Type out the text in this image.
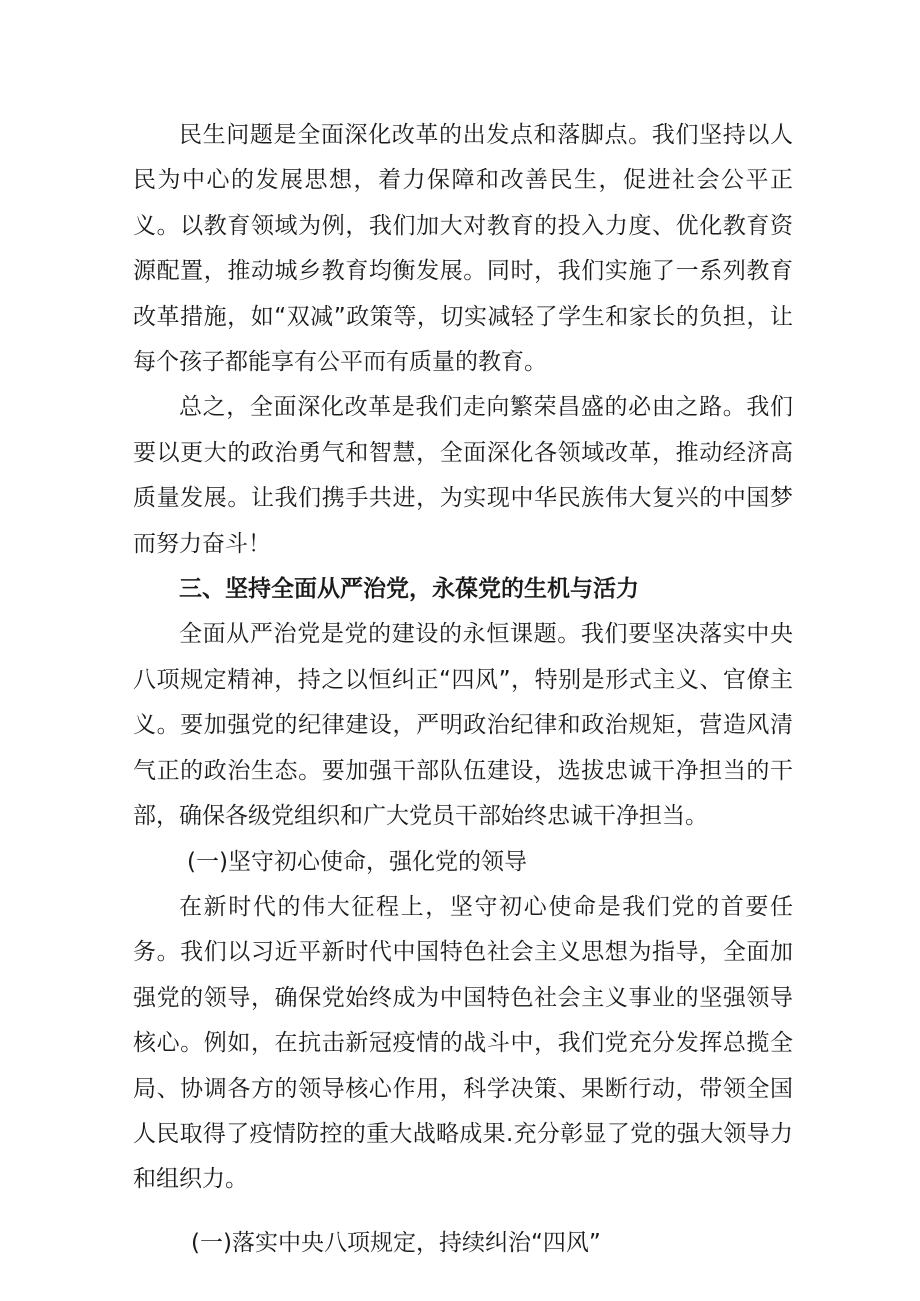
民生问题是全面深化改革的出发点和落脚点。我们坚持以人民为中心的发展思想，着力保障和改善民生，促进社会公平正义。以教育领域为例，我们加大对教育的投入力度、优化教育资源配置，推动城乡教育均衡发展。同时，我们实施了一系列教育改革措施，如“双减”政策等，切实减轻了学生和家长的负担，让每个孩子都能享有公平而有质量的教育。

总之，全面深化改革是我们走向繁荣昌盛的必由之路。我们要以更大的政治勇气和智慧，全面深化各领域改革，推动经济高质量发展。让我们携手共进，为实现中华民族伟大复兴的中国梦而努力奋斗！

三、坚持全面从严治党，永葆党的生机与活力

全面从严治党是党的建设的永恒课题。我们要坚决落实中央八项规定精神，持之以恒纠正“四风”，特别是形式主义、官僚主义。要加强党的纪律建设，严明政治纪律和政治规矩，营造风清气正的政治生态。要加强干部队伍建设，选拔忠诚干净担当的干部，确保各级党组织和广大党员干部始终忠诚干净担当。

(一)坚守初心使命，强化党的领导

在新时代的伟大征程上，坚守初心使命是我们党的首要任务。我们以习近平新时代中国特色社会主义思想为指导，全面加强党的领导，确保党始终成为中国特色社会主义事业的坚强领导核心。例如，在抗击新冠疫情的战斗中，我们党充分发挥总揽全局、协调各方的领导核心作用，科学决策、果断行动，带领全国人民取得了疫情防控的重大战略成果.充分彰显了党的强大领导力和组织力。

(一)落实中央八项规定，持续纠治“四风”
